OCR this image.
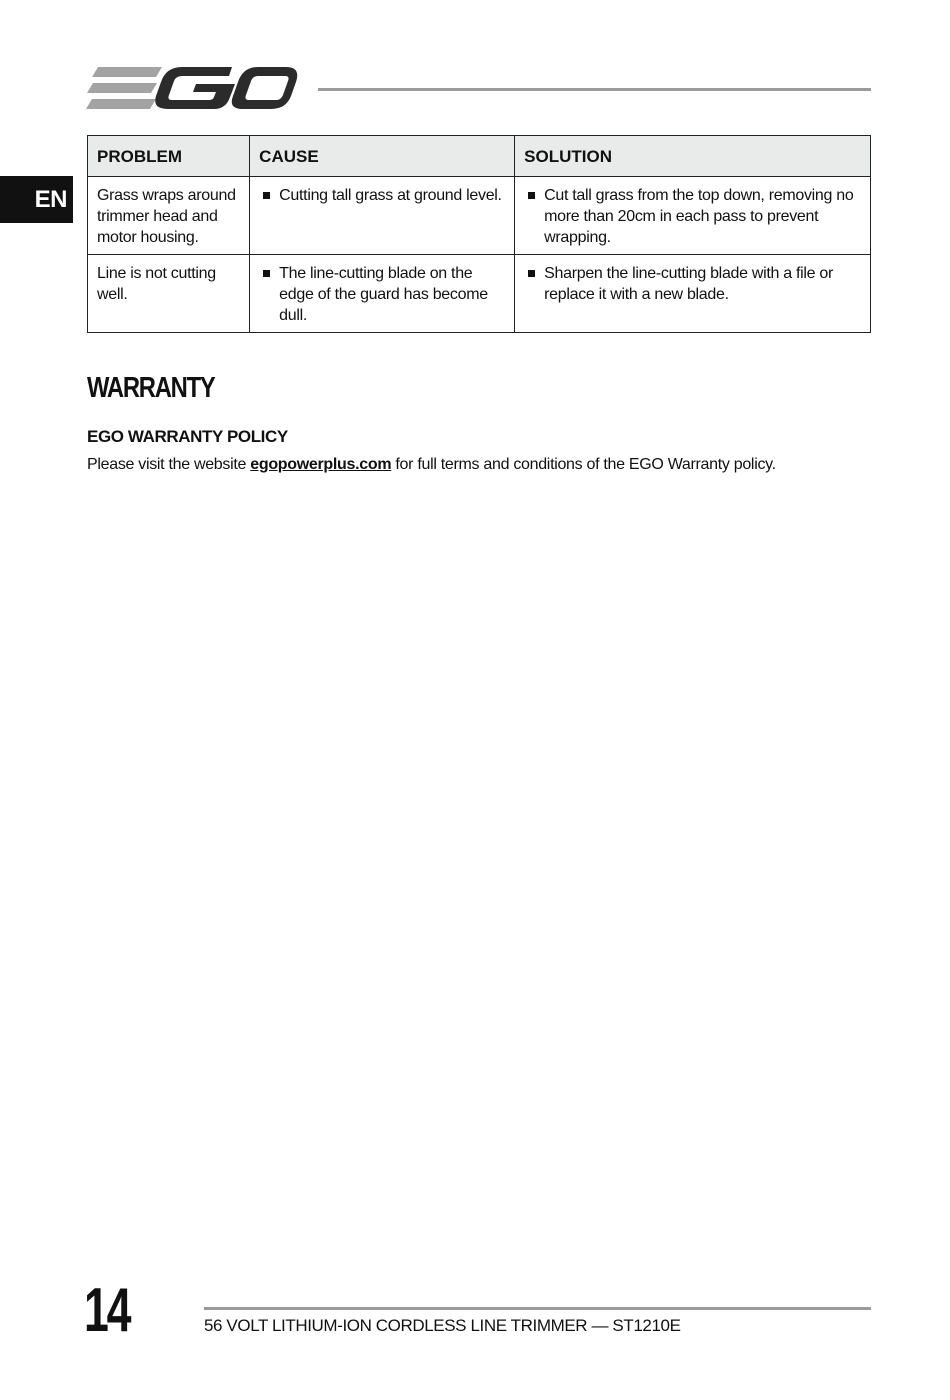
EN
PROBLEM	CAUSE	SOLUTION
Grass wraps around trimmer head and motor housing.	Cutting tall grass at ground level.	Cut tall grass from the top down, removing no more than 20cm in each pass to prevent wrapping.
Line is not cutting well.	The line-cutting blade on the edge of the guard has become dull.	Sharpen the line-cutting blade with a file or replace it with a new blade.
WARRANTY
EGO WARRANTY POLICY

Please visit the website egopowerplus.com for full terms and conditions of the EGO Warranty policy.

14	56 VOLT LITHIUM-ION CORDLESS LINE TRIMMER — ST1210E
